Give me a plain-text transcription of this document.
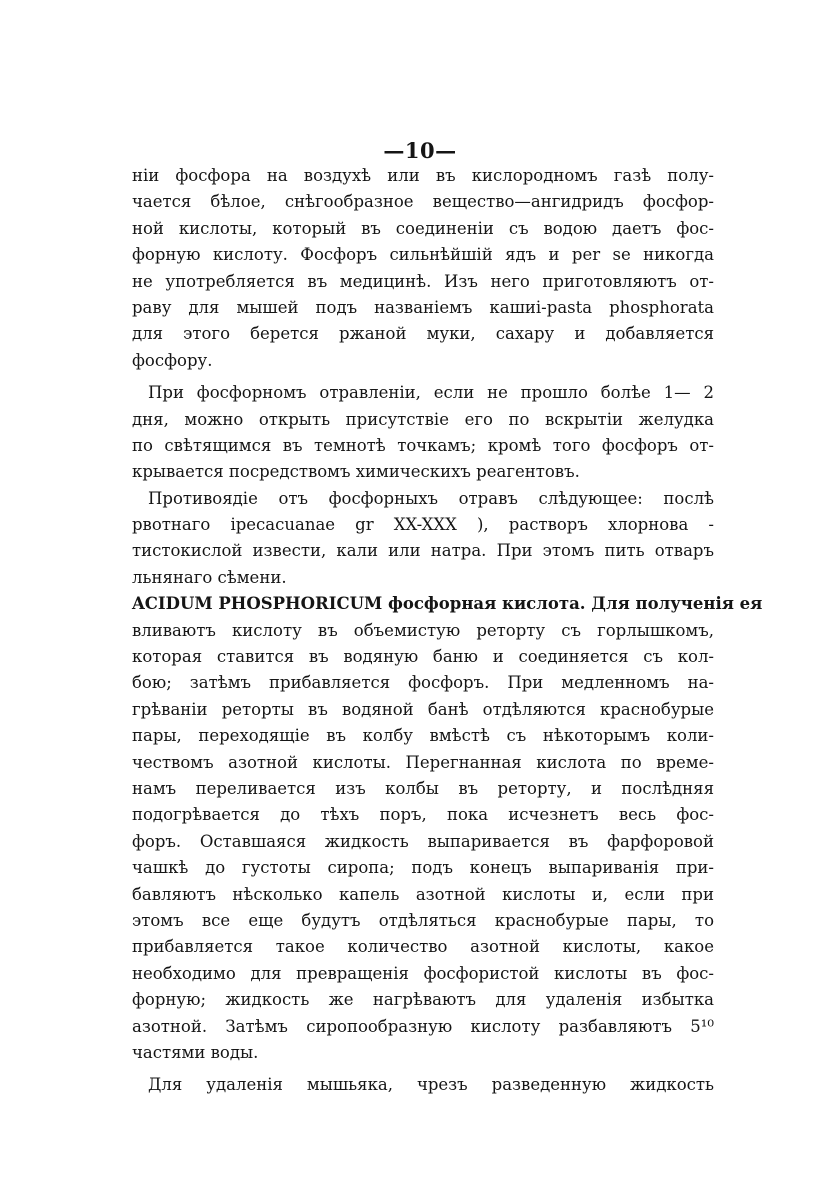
—10—
ніи фосфора на воздухѣ или въ кислородномъ газѣ полу-
чается бѣлое, снѣгообразное вещество—ангидридъ фосфор-
ной кислоты, который въ соединеніи съ водою даетъ фос-
форную кислоту. Фосфоръ сильнѣйшій ядъ и per se никогда
не употребляется въ медицинѣ. Изъ него приготовляютъ от-
раву для мышей подъ названіемъ кашиі-pasta phosphorata
для этого берется ржаной муки, сахару и добавляется
фосфору.
При фосфорномъ отравленіи, если не прошло болѣе 1— 2
дня, можно открыть присутствіе его по вскрытіи желудка
по свѣтящимся въ темнотѣ точкамъ; кромѣ того фосфоръ от-
крывается посредствомъ химическихъ реагентовъ.
Противоядіе отъ фосфорныхъ отравъ слѣдующее: послѣ
рвотнаго ipecacuanae gr XX-XXX ), растворъ хлорнова -
тистокислой извести, кали или натра. При этомъ пить отваръ
льнянаго сѣмени.
ACIDUM PHOSPHORICUM фосфорная кислота. Для полученія ея
вливаютъ кислоту въ объемистую реторту съ горлышкомъ,
которая ставится въ водяную баню и соединяется съ кол-
бою; затѣмъ прибавляется фосфоръ. При медленномъ на-
грѣваніи реторты въ водяной банѣ отдѣляются краснобурые
пары, переходящіе въ колбу вмѣстѣ съ нѣкоторымъ коли-
чествомъ азотной кислоты. Перегнанная кислота по времe-
намъ переливается изъ колбы въ реторту, и послѣдняя
подогрѣвается до тѣхъ поръ, пока исчезнетъ весь фос-
форъ. Оставшаяся жидкость выпаривается въ фарфоровой
чашкѣ до густоты сиропа; подъ конецъ выпариванія при-
бавляютъ нѣсколько капель азотной кислоты и, если при
этомъ все еще будутъ отдѣляться краснобурые пары, то
прибавляется такое количество азотной кислоты, какое
необходимо для превращенія фосфористой кислоты въ фос-
форную; жидкость же нагрѣваютъ для удаленія избытка
азотной. Затѣмъ сиропообразную кислоту разбавляютъ 5¹⁰
частями воды.
Для удаленія мышьяка, чрезъ разведенную жидкость
